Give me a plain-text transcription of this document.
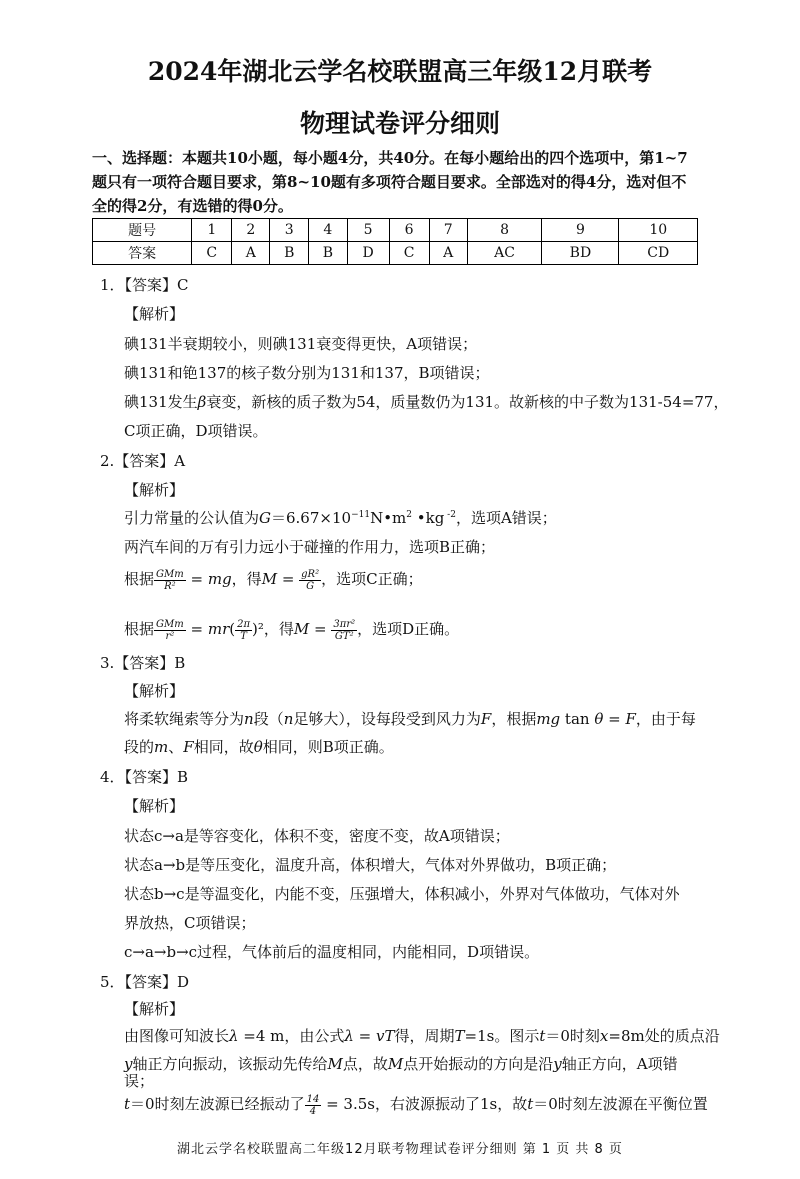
2024年湖北云学名校联盟高三年级12月联考
物理试卷评分细则
一、选择题：本题共10小题，每小题4分，共40分。在每小题给出的四个选项中，第1~7
题只有一项符合题目要求，第8~10题有多项符合题目要求。全部选对的得4分，选对但不
全的得2分，有选错的得0分。
题号	1	2	3	4	5	6	7	8	9	10
答案	C	A	B	B	D	C	A	AC	BD	CD
1．【答案】C
【解析】
碘131半衰期较小，则碘131衰变得更快，A项错误；
碘131和铯137的核子数分别为131和137，B项错误；
碘131发生β衰变，新核的质子数为54，质量数仍为131。故新核的中子数为131-54=77，
C项正确，D项错误。
2.【答案】A
【解析】
引力常量的公认值为$G=6.67\times 10^{-11}N•m^2$ •kg $^{-2}$，选项A错误；
两汽车间的万有引力远小于碰撞的作用力，选项B正确；
根据 $\frac{\text{GMm}}{\text{R²}}$ = mg，得$M = \frac{\text{gR²}}{G}$ ，选项C正确；
根据 $\frac{\text{GMm}}{\text{r²}} = mr( \frac{2\pi}{T} )^2$，得$M = \frac{\text{3πr²}}{\text{GT²}}$ ，选项D正确。
3.【答案】B
【解析】
将柔软绳索等分为n段（n足够大），设每段受到风力为F，根据mg tan θ = F，由于每
段的m、F相同，故θ相同，则B项正确。
4．【答案】B
【解析】
状态c→a是等容变化，体积不变，密度不变，故A项错误；
状态a→b是等压变化，温度升高，体积增大，气体对外界做功，B项正确；
状态b→c是等温变化，内能不变，压强增大，体积减小，外界对气体做功，气体对外
界放热，C项错误；
c→a→b→c过程，气体前后的温度相同，内能相同，D项错误。
5．【答案】D
【解析】
由图像可知波长λ =4 m，由公式λ = vT得，周期T=1s。图示t＝0时刻x=8m处的质点沿
y轴正方向振动，该振动先传给M点，故M点开始振动的方向是沿y轴正方向，A项错
误；
t＝0时刻左波源已经振动了 $\frac{14}{4} = 3.5s$，右波源振动了1s，故t＝0时刻左波源在平衡位置
湖北云学名校联盟高二年级12月联考物理试卷评分细则 第 1 页 共 8 页
